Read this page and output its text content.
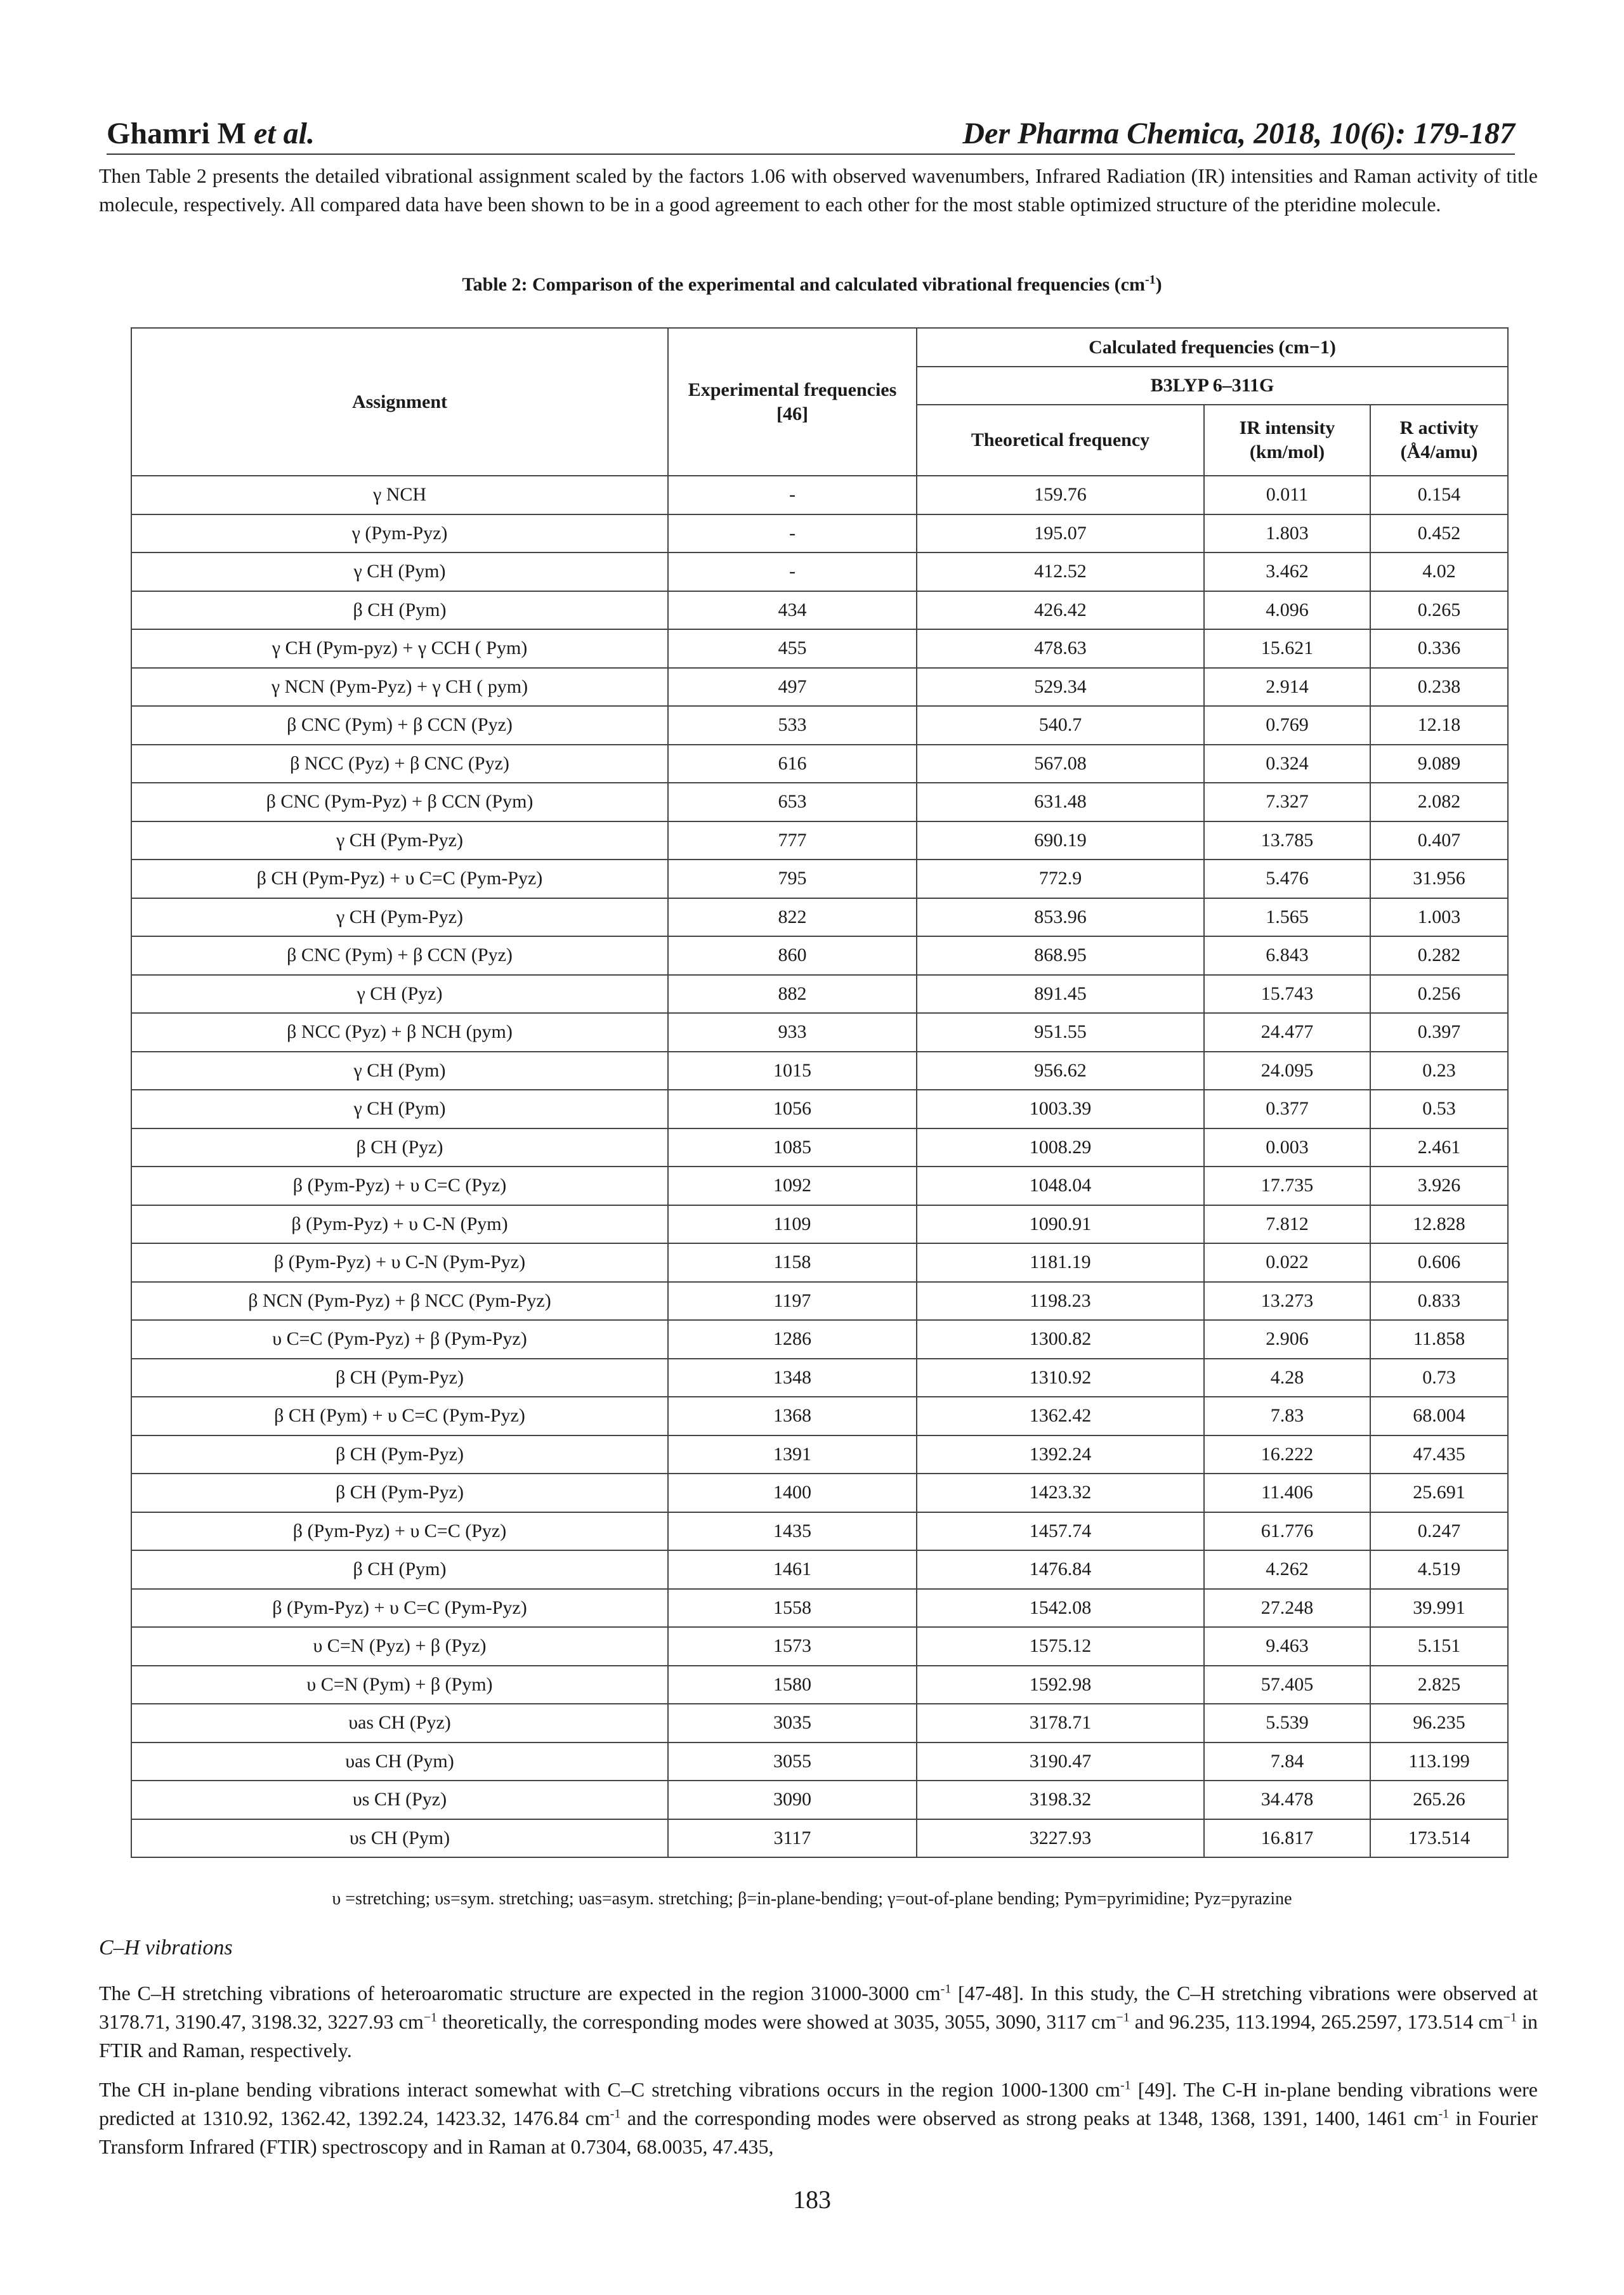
Ghamri M et al.	Der Pharma Chemica, 2018, 10(6): 179-187

Then Table 2 presents the detailed vibrational assignment scaled by the factors 1.06 with observed wavenumbers, Infrared Radiation (IR) intensities and Raman activity of title molecule, respectively. All compared data have been shown to be in a good agreement to each other for the most stable optimized structure of the pteridine molecule.

Table 2: Comparison of the experimental and calculated vibrational frequencies $(cm^{-1})$
Assignment	Experimental frequencies [46]	Calculated frequencies (cm−1)		
		B3LYP 6–311G		
		Theoretical frequency	IR intensity (km/mol)	R activity (Å4/amu)
γ NCH	-	159.76	0.011	0.154
γ (Pym-Pyz)	-	195.07	1.803	0.452
γ CH (Pym)	-	412.52	3.462	4.02
β CH (Pym)	434	426.42	4.096	0.265
γ CH (Pym-pyz) + γ CCH ( Pym)	455	478.63	15.621	0.336
γ NCN (Pym-Pyz) + γ CH ( pym)	497	529.34	2.914	0.238
β CNC (Pym) + β CCN (Pyz)	533	540.7	0.769	12.18
β NCC (Pyz) + β CNC (Pyz)	616	567.08	0.324	9.089
β CNC (Pym-Pyz) + β CCN (Pym)	653	631.48	7.327	2.082
γ CH (Pym-Pyz)	777	690.19	13.785	0.407
β CH (Pym-Pyz) + υ C=C (Pym-Pyz)	795	772.9	5.476	31.956
γ CH (Pym-Pyz)	822	853.96	1.565	1.003
β CNC (Pym) + β CCN (Pyz)	860	868.95	6.843	0.282
γ CH (Pyz)	882	891.45	15.743	0.256
β NCC (Pyz) + β NCH (pym)	933	951.55	24.477	0.397
γ CH (Pym)	1015	956.62	24.095	0.23
γ CH (Pym)	1056	1003.39	0.377	0.53
β CH (Pyz)	1085	1008.29	0.003	2.461
β (Pym-Pyz) + υ C=C (Pyz)	1092	1048.04	17.735	3.926
β (Pym-Pyz) + υ C-N (Pym)	1109	1090.91	7.812	12.828
β (Pym-Pyz) + υ C-N (Pym-Pyz)	1158	1181.19	0.022	0.606
β NCN (Pym-Pyz) + β NCC (Pym-Pyz)	1197	1198.23	13.273	0.833
υ C=C (Pym-Pyz) + β (Pym-Pyz)	1286	1300.82	2.906	11.858
β CH (Pym-Pyz)	1348	1310.92	4.28	0.73
β CH (Pym) + υ C=C (Pym-Pyz)	1368	1362.42	7.83	68.004
β CH (Pym-Pyz)	1391	1392.24	16.222	47.435
β CH (Pym-Pyz)	1400	1423.32	11.406	25.691
β (Pym-Pyz) + υ C=C (Pyz)	1435	1457.74	61.776	0.247
β CH (Pym)	1461	1476.84	4.262	4.519
β (Pym-Pyz) + υ C=C (Pym-Pyz)	1558	1542.08	27.248	39.991
υ C=N (Pyz) + β (Pyz)	1573	1575.12	9.463	5.151
υ C=N (Pym) + β (Pym)	1580	1592.98	57.405	2.825
υas CH (Pyz)	3035	3178.71	5.539	96.235
υas CH (Pym)	3055	3190.47	7.84	113.199
υs CH (Pyz)	3090	3198.32	34.478	265.26
υs CH (Pym)	3117	3227.93	16.817	173.514
υ =stretching; υs=sym. stretching; υas=asym. stretching; β=in-plane-bending; γ=out-of-plane bending; Pym=pyrimidine; Pyz=pyrazine
C–H vibrations

The C–H stretching vibrations of heteroaromatic structure are expected in the region 31000-3000 $cm^{-1}$ [47-48]. In this study, the C–H stretching vibrations were observed at 3178.71, 3190.47, 3198.32, 3227.93 $cm^{-1}$ theoretically, the corresponding modes were showed at 3035, 3055, 3090, 3117 $cm^{-1}$ and 96.235, 113.1994, 265.2597, 173.514 $cm^{-1}$ in FTIR and Raman, respectively.

The CH in-plane bending vibrations interact somewhat with C–C stretching vibrations occurs in the region 1000-1300 $cm^{-1}$ [49]. The C-H in-plane bending vibrations were predicted at 1310.92, 1362.42, 1392.24, 1423.32, 1476.84 $cm^{-1}$ and the corresponding modes were observed as strong peaks at 1348, 1368, 1391, 1400, 1461 $cm^{-1}$ in Fourier Transform Infrared (FTIR) spectroscopy and in Raman at 0.7304, 68.0035, 47.435,

183
